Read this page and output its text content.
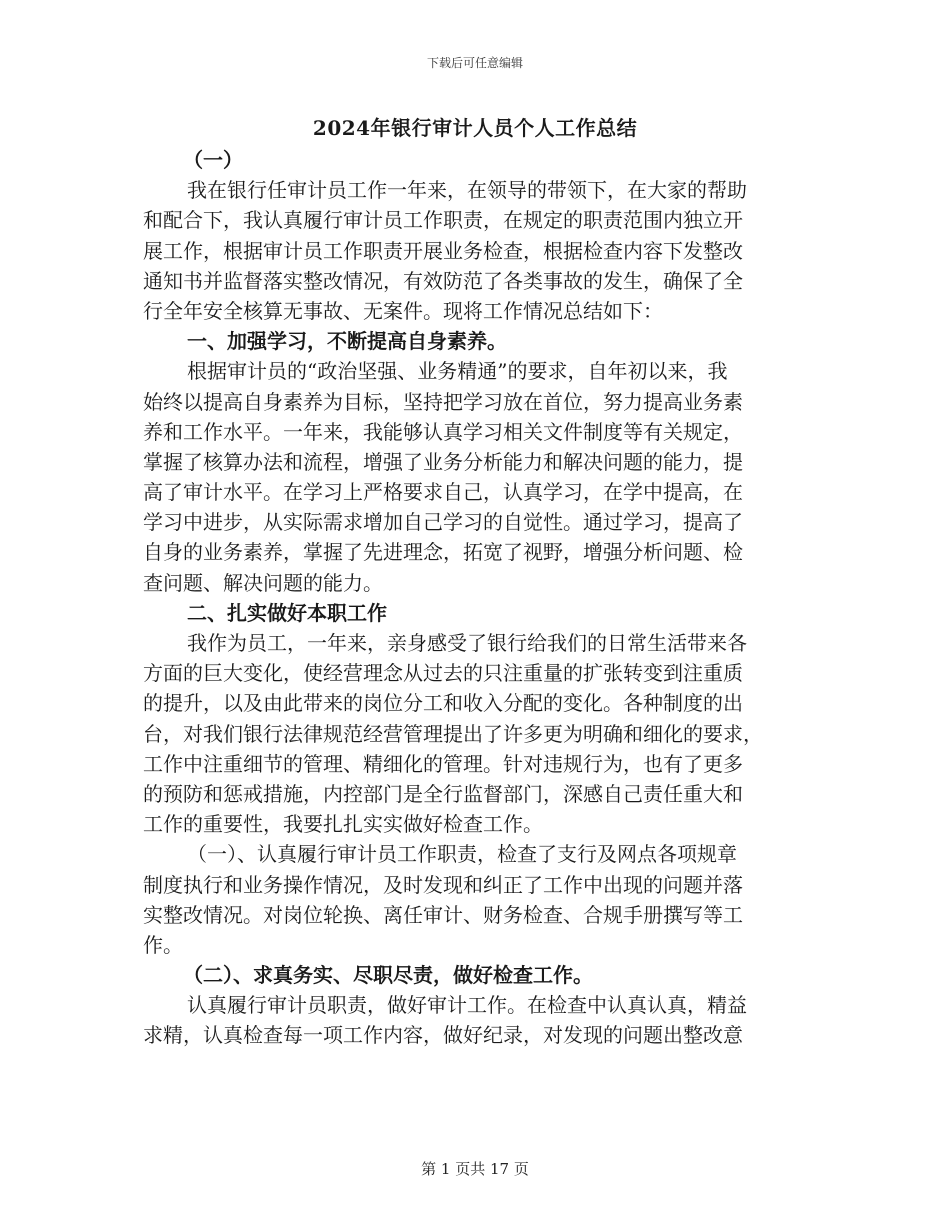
下载后可任意编辑
2024年银行审计人员个人工作总结
（一）
我在银行任审计员工作一年来，在领导的带领下，在大家的帮助
和配合下，我认真履行审计员工作职责，在规定的职责范围内独立开
展工作，根据审计员工作职责开展业务检查，根据检查内容下发整改
通知书并监督落实整改情况，有效防范了各类事故的发生，确保了全
行全年安全核算无事故、无案件。现将工作情况总结如下：
一、加强学习，不断提高自身素养。
根据审计员的“政治坚强、业务精通”的要求，自年初以来，我
始终以提高自身素养为目标，坚持把学习放在首位，努力提高业务素
养和工作水平。一年来，我能够认真学习相关文件制度等有关规定，
掌握了核算办法和流程，增强了业务分析能力和解决问题的能力，提
高了审计水平。在学习上严格要求自己，认真学习，在学中提高，在
学习中进步，从实际需求增加自己学习的自觉性。通过学习，提高了
自身的业务素养，掌握了先进理念，拓宽了视野，增强分析问题、检
查问题、解决问题的能力。
二、扎实做好本职工作
我作为员工，一年来，亲身感受了银行给我们的日常生活带来各
方面的巨大变化，使经营理念从过去的只注重量的扩张转变到注重质
的提升，以及由此带来的岗位分工和收入分配的变化。各种制度的出
台，对我们银行法律规范经营管理提出了许多更为明确和细化的要求，
工作中注重细节的管理、精细化的管理。针对违规行为，也有了更多
的预防和惩戒措施，内控部门是全行监督部门，深感自己责任重大和
工作的重要性，我要扎扎实实做好检查工作。
（一）、认真履行审计员工作职责，检查了支行及网点各项规章
制度执行和业务操作情况，及时发现和纠正了工作中出现的问题并落
实整改情况。对岗位轮换、离任审计、财务检查、合规手册撰写等工
作。
（二）、求真务实、尽职尽责，做好检查工作。
认真履行审计员职责，做好审计工作。在检查中认真认真，精益
求精，认真检查每一项工作内容，做好纪录，对发现的问题出整改意
第 1 页共 17 页
